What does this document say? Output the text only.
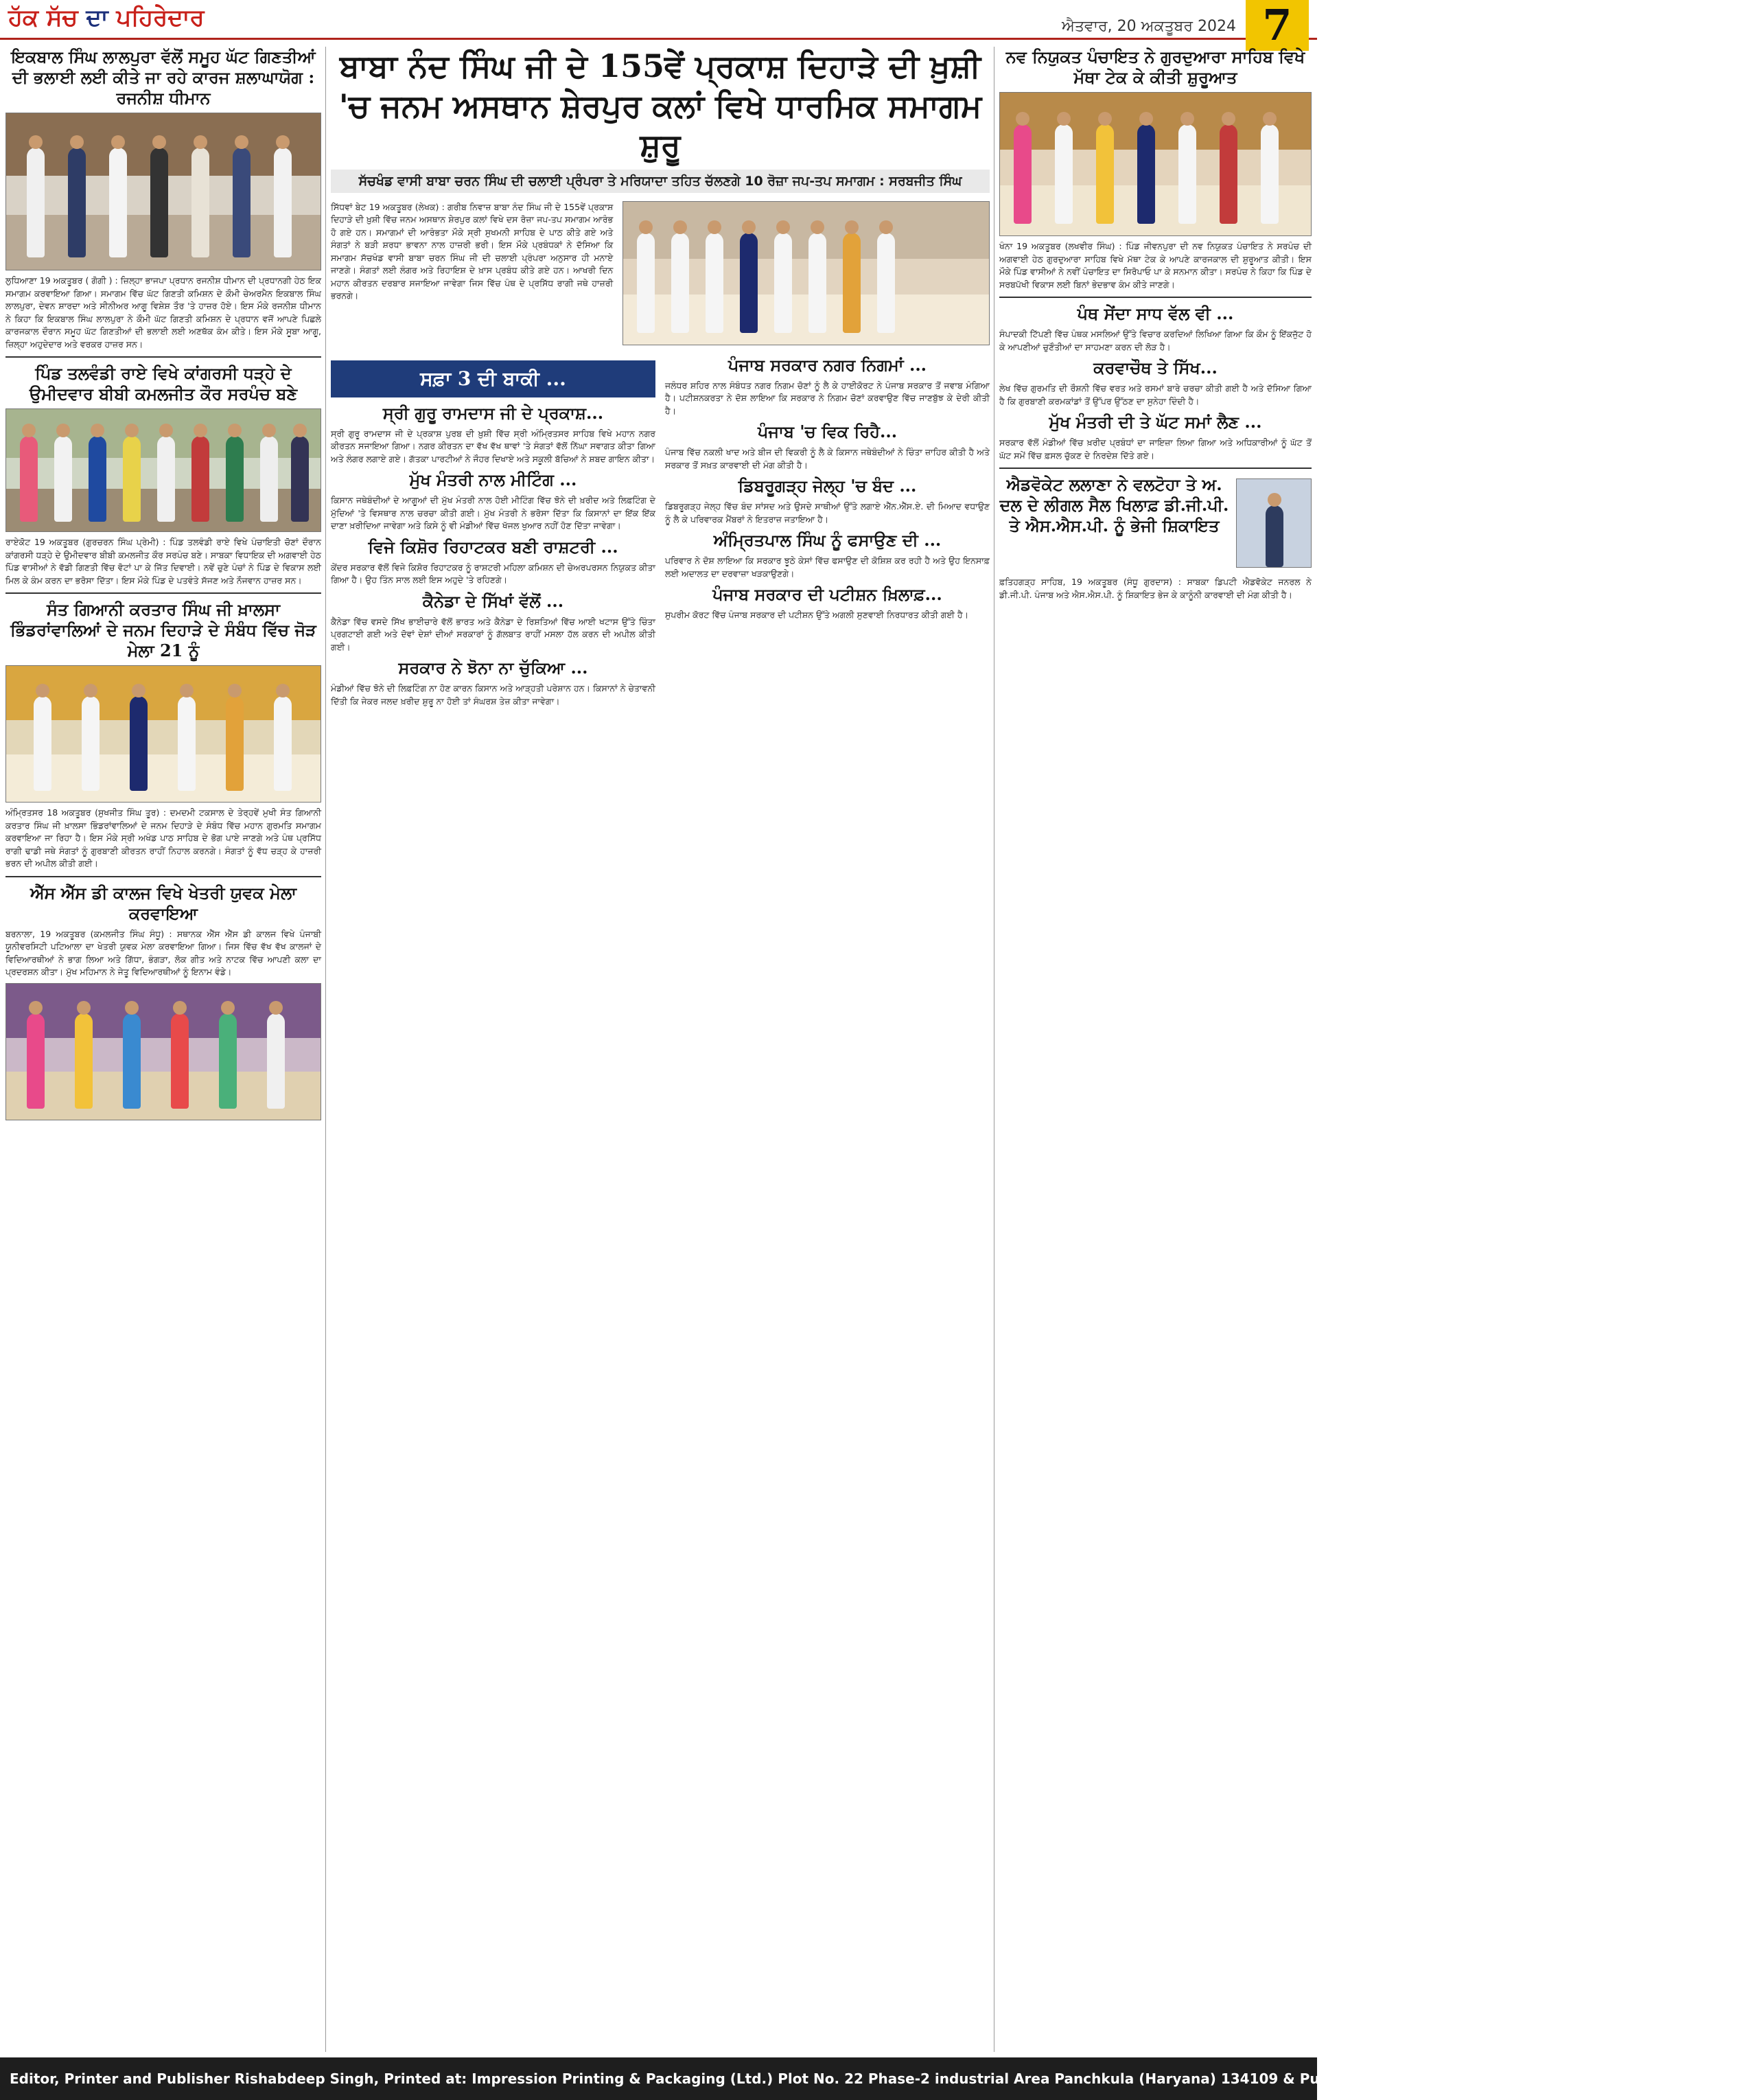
ਹੱਕ ਸੱਚ ਦਾ ਪਹਿਰੇਦਾਰ	ਐਤਵਾਰ, 20 ਅਕਤੂਬਰ 2024 7
ਇਕਬਾਲ ਸਿੰਘ ਲਾਲਪੁਰਾ ਵੱਲੋਂ ਸਮੂਹ ਘੱਟ ਗਿਣਤੀਆਂ ਦੀ ਭਲਾਈ ਲਈ ਕੀਤੇ ਜਾ ਰਹੇ ਕਾਰਜ ਸ਼ਲਾਘਾਯੋਗ : ਰਜਨੀਸ਼ ਧੀਮਾਨ
ਲੁਧਿਆਣਾ 19 ਅਕਤੂਬਰ ( ਗੋਗੀ ) : ਜ਼ਿਲ੍ਹਾ ਭਾਜਪਾ ਪ੍ਰਧਾਨ ਰਜਨੀਸ਼ ਧੀਮਾਨ ਦੀ ਪ੍ਰਧਾਨਗੀ ਹੇਠ ਇਕ ਸਮਾਗਮ ਕਰਵਾਇਆ ਗਿਆ। ਸਮਾਗਮ ਵਿੱਚ ਘੱਟ ਗਿਣਤੀ ਕਮਿਸ਼ਨ ਦੇ ਕੌਮੀ ਚੇਅਰਮੈਨ ਇਕਬਾਲ ਸਿੰਘ ਲਾਲਪੁਰਾ, ਦੇਵਨ ਸ਼ਾਰਦਾ ਅਤੇ ਸੀਨੀਅਰ ਆਗੂ ਵਿਸ਼ੇਸ਼ ਤੌਰ 'ਤੇ ਹਾਜ਼ਰ ਹੋਏ। ਇਸ ਮੌਕੇ ਰਜਨੀਸ਼ ਧੀਮਾਨ ਨੇ ਕਿਹਾ ਕਿ ਇਕਬਾਲ ਸਿੰਘ ਲਾਲਪੁਰਾ ਨੇ ਕੌਮੀ ਘੱਟ ਗਿਣਤੀ ਕਮਿਸ਼ਨ ਦੇ ਪ੍ਰਧਾਨ ਵਜੋਂ ਆਪਣੇ ਪਿਛਲੇ ਕਾਰਜਕਾਲ ਦੌਰਾਨ ਸਮੂਹ ਘੱਟ ਗਿਣਤੀਆਂ ਦੀ ਭਲਾਈ ਲਈ ਅਣਥੱਕ ਕੰਮ ਕੀਤੇ। ਇਸ ਮੌਕੇ ਸੂਬਾ ਆਗੂ, ਜ਼ਿਲ੍ਹਾ ਅਹੁਦੇਦਾਰ ਅਤੇ ਵਰਕਰ ਹਾਜ਼ਰ ਸਨ।
ਪਿੰਡ ਤਲਵੰਡੀ ਰਾਏ ਵਿਖੇ ਕਾਂਗਰਸੀ ਧੜ੍ਹੇ ਦੇ ਉਮੀਦਵਾਰ ਬੀਬੀ ਕਮਲਜੀਤ ਕੌਰ ਸਰਪੰਚ ਬਣੇ
ਰਾਏਕੋਟ 19 ਅਕਤੂਬਰ (ਗੁਰਚਰਨ ਸਿੰਘ ਪ੍ਰੇਮੀ) : ਪਿੰਡ ਤਲਵੰਡੀ ਰਾਏ ਵਿਖੇ ਪੰਚਾਇਤੀ ਚੋਣਾਂ ਦੌਰਾਨ ਕਾਂਗਰਸੀ ਧੜ੍ਹੇ ਦੇ ਉਮੀਦਵਾਰ ਬੀਬੀ ਕਮਲਜੀਤ ਕੌਰ ਸਰਪੰਚ ਬਣੇ। ਸਾਬਕਾ ਵਿਧਾਇਕ ਦੀ ਅਗਵਾਈ ਹੇਠ ਪਿੰਡ ਵਾਸੀਆਂ ਨੇ ਵੱਡੀ ਗਿਣਤੀ ਵਿੱਚ ਵੋਟਾਂ ਪਾ ਕੇ ਜਿੱਤ ਦਿਵਾਈ। ਨਵੇਂ ਚੁਣੇ ਪੰਚਾਂ ਨੇ ਪਿੰਡ ਦੇ ਵਿਕਾਸ ਲਈ ਮਿਲ ਕੇ ਕੰਮ ਕਰਨ ਦਾ ਭਰੋਸਾ ਦਿੱਤਾ। ਇਸ ਮੌਕੇ ਪਿੰਡ ਦੇ ਪਤਵੰਤੇ ਸੱਜਣ ਅਤੇ ਨੌਜਵਾਨ ਹਾਜ਼ਰ ਸਨ।
ਸੰਤ ਗਿਆਨੀ ਕਰਤਾਰ ਸਿੰਘ ਜੀ ਖ਼ਾਲਸਾ ਭਿੰਡਰਾਂਵਾਲਿਆਂ ਦੇ ਜਨਮ ਦਿਹਾੜੇ ਦੇ ਸੰਬੰਧ ਵਿੱਚ ਜੋੜ ਮੇਲਾ 21 ਨੂੰ
ਅੰਮ੍ਰਿਤਸਰ 18 ਅਕਤੂਬਰ (ਸੁਖਜੀਤ ਸਿੰਘ ਤੂਰ) : ਦਮਦਮੀ ਟਕਸਾਲ ਦੇ ਤੇਰ੍ਹਵੇਂ ਮੁਖੀ ਸੰਤ ਗਿਆਨੀ ਕਰਤਾਰ ਸਿੰਘ ਜੀ ਖ਼ਾਲਸਾ ਭਿੰਡਰਾਂਵਾਲਿਆਂ ਦੇ ਜਨਮ ਦਿਹਾੜੇ ਦੇ ਸੰਬੰਧ ਵਿੱਚ ਮਹਾਨ ਗੁਰਮਤਿ ਸਮਾਗਮ ਕਰਵਾਇਆ ਜਾ ਰਿਹਾ ਹੈ। ਇਸ ਮੌਕੇ ਸ੍ਰੀ ਅਖੰਡ ਪਾਠ ਸਾਹਿਬ ਦੇ ਭੋਗ ਪਾਏ ਜਾਣਗੇ ਅਤੇ ਪੰਥ ਪ੍ਰਸਿੱਧ ਰਾਗੀ ਢਾਡੀ ਜਥੇ ਸੰਗਤਾਂ ਨੂੰ ਗੁਰਬਾਣੀ ਕੀਰਤਨ ਰਾਹੀਂ ਨਿਹਾਲ ਕਰਨਗੇ। ਸੰਗਤਾਂ ਨੂੰ ਵੱਧ ਚੜ੍ਹ ਕੇ ਹਾਜ਼ਰੀ ਭਰਨ ਦੀ ਅਪੀਲ ਕੀਤੀ ਗਈ।
ਐੱਸ ਐੱਸ ਡੀ ਕਾਲਜ ਵਿਖੇ ਖੇਤਰੀ ਯੁਵਕ ਮੇਲਾ ਕਰਵਾਇਆ
ਬਰਨਾਲਾ, 19 ਅਕਤੂਬਰ (ਕਮਲਜੀਤ ਸਿੰਘ ਸੰਧੂ) : ਸਥਾਨਕ ਐੱਸ ਐੱਸ ਡੀ ਕਾਲਜ ਵਿਖੇ ਪੰਜਾਬੀ ਯੂਨੀਵਰਸਿਟੀ ਪਟਿਆਲਾ ਦਾ ਖੇਤਰੀ ਯੁਵਕ ਮੇਲਾ ਕਰਵਾਇਆ ਗਿਆ। ਜਿਸ ਵਿੱਚ ਵੱਖ ਵੱਖ ਕਾਲਜਾਂ ਦੇ ਵਿਦਿਆਰਥੀਆਂ ਨੇ ਭਾਗ ਲਿਆ ਅਤੇ ਗਿੱਧਾ, ਭੰਗੜਾ, ਲੋਕ ਗੀਤ ਅਤੇ ਨਾਟਕ ਵਿੱਚ ਆਪਣੀ ਕਲਾ ਦਾ ਪ੍ਰਦਰਸ਼ਨ ਕੀਤਾ। ਮੁੱਖ ਮਹਿਮਾਨ ਨੇ ਜੇਤੂ ਵਿਦਿਆਰਥੀਆਂ ਨੂੰ ਇਨਾਮ ਵੰਡੇ।
ਬਾਬਾ ਨੰਦ ਸਿੰਘ ਜੀ ਦੇ 155ਵੇਂ ਪ੍ਰਕਾਸ਼ ਦਿਹਾੜੇ ਦੀ ਖ਼ੁਸ਼ੀ 'ਚ ਜਨਮ ਅਸਥਾਨ ਸ਼ੇਰਪੁਰ ਕਲਾਂ ਵਿਖੇ ਧਾਰਮਿਕ ਸਮਾਗਮ ਸ਼ੁਰੂ
ਸੱਚਖੰਡ ਵਾਸੀ ਬਾਬਾ ਚਰਨ ਸਿੰਘ ਦੀ ਚਲਾਈ ਪ੍ਰੰਪਰਾ ਤੇ ਮਰਿਯਾਦਾ ਤਹਿਤ ਚੱਲਣਗੇ 10 ਰੋਜ਼ਾ ਜਪ-ਤਪ ਸਮਾਗਮ : ਸਰਬਜੀਤ ਸਿੰਘ
ਸਿੱਧਵਾਂ ਬੇਟ 19 ਅਕਤੂਬਰ (ਲੇਖਕ) : ਗਰੀਬ ਨਿਵਾਜ਼ ਬਾਬਾ ਨੰਦ ਸਿੰਘ ਜੀ ਦੇ 155ਵੇਂ ਪ੍ਰਕਾਸ਼ ਦਿਹਾੜੇ ਦੀ ਖ਼ੁਸ਼ੀ ਵਿੱਚ ਜਨਮ ਅਸਥਾਨ ਸ਼ੇਰਪੁਰ ਕਲਾਂ ਵਿਖੇ ਦਸ ਰੋਜ਼ਾ ਜਪ-ਤਪ ਸਮਾਗਮ ਆਰੰਭ ਹੋ ਗਏ ਹਨ। ਸਮਾਗਮਾਂ ਦੀ ਆਰੰਭਤਾ ਮੌਕੇ ਸ੍ਰੀ ਸੁਖਮਨੀ ਸਾਹਿਬ ਦੇ ਪਾਠ ਕੀਤੇ ਗਏ ਅਤੇ ਸੰਗਤਾਂ ਨੇ ਬੜੀ ਸ਼ਰਧਾ ਭਾਵਨਾ ਨਾਲ ਹਾਜ਼ਰੀ ਭਰੀ। ਇਸ ਮੌਕੇ ਪ੍ਰਬੰਧਕਾਂ ਨੇ ਦੱਸਿਆ ਕਿ ਸਮਾਗਮ ਸੱਚਖੰਡ ਵਾਸੀ ਬਾਬਾ ਚਰਨ ਸਿੰਘ ਜੀ ਦੀ ਚਲਾਈ ਪ੍ਰੰਪਰਾ ਅਨੁਸਾਰ ਹੀ ਮਨਾਏ ਜਾਣਗੇ। ਸੰਗਤਾਂ ਲਈ ਲੰਗਰ ਅਤੇ ਰਿਹਾਇਸ਼ ਦੇ ਖ਼ਾਸ ਪ੍ਰਬੰਧ ਕੀਤੇ ਗਏ ਹਨ। ਆਖਰੀ ਦਿਨ ਮਹਾਨ ਕੀਰਤਨ ਦਰਬਾਰ ਸਜਾਇਆ ਜਾਵੇਗਾ ਜਿਸ ਵਿੱਚ ਪੰਥ ਦੇ ਪ੍ਰਸਿੱਧ ਰਾਗੀ ਜਥੇ ਹਾਜ਼ਰੀ ਭਰਨਗੇ।
ਸਫ਼ਾ 3 ਦੀ ਬਾਕੀ ...
ਸ੍ਰੀ ਗੁਰੂ ਰਾਮਦਾਸ ਜੀ ਦੇ ਪ੍ਰਕਾਸ਼...
ਸ੍ਰੀ ਗੁਰੂ ਰਾਮਦਾਸ ਜੀ ਦੇ ਪ੍ਰਕਾਸ਼ ਪੁਰਬ ਦੀ ਖ਼ੁਸ਼ੀ ਵਿੱਚ ਸ੍ਰੀ ਅੰਮ੍ਰਿਤਸਰ ਸਾਹਿਬ ਵਿਖੇ ਮਹਾਨ ਨਗਰ ਕੀਰਤਨ ਸਜਾਇਆ ਗਿਆ। ਨਗਰ ਕੀਰਤਨ ਦਾ ਵੱਖ ਵੱਖ ਥਾਵਾਂ 'ਤੇ ਸੰਗਤਾਂ ਵੱਲੋਂ ਨਿੱਘਾ ਸਵਾਗਤ ਕੀਤਾ ਗਿਆ ਅਤੇ ਲੰਗਰ ਲਗਾਏ ਗਏ। ਗੱਤਕਾ ਪਾਰਟੀਆਂ ਨੇ ਜੌਹਰ ਦਿਖਾਏ ਅਤੇ ਸਕੂਲੀ ਬੱਚਿਆਂ ਨੇ ਸ਼ਬਦ ਗਾਇਨ ਕੀਤਾ।
ਮੁੱਖ ਮੰਤਰੀ ਨਾਲ ਮੀਟਿੰਗ ...
ਕਿਸਾਨ ਜਥੇਬੰਦੀਆਂ ਦੇ ਆਗੂਆਂ ਦੀ ਮੁੱਖ ਮੰਤਰੀ ਨਾਲ ਹੋਈ ਮੀਟਿੰਗ ਵਿੱਚ ਝੋਨੇ ਦੀ ਖ਼ਰੀਦ ਅਤੇ ਲਿਫ਼ਟਿੰਗ ਦੇ ਮੁੱਦਿਆਂ 'ਤੇ ਵਿਸਥਾਰ ਨਾਲ ਚਰਚਾ ਕੀਤੀ ਗਈ। ਮੁੱਖ ਮੰਤਰੀ ਨੇ ਭਰੋਸਾ ਦਿੱਤਾ ਕਿ ਕਿਸਾਨਾਂ ਦਾ ਇੱਕ ਇੱਕ ਦਾਣਾ ਖ਼ਰੀਦਿਆ ਜਾਵੇਗਾ ਅਤੇ ਕਿਸੇ ਨੂੰ ਵੀ ਮੰਡੀਆਂ ਵਿੱਚ ਖੱਜਲ ਖੁਆਰ ਨਹੀਂ ਹੋਣ ਦਿੱਤਾ ਜਾਵੇਗਾ।
ਵਿਜੇ ਕਿਸ਼ੋਰ ਰਿਹਾਟਕਰ ਬਣੀ ਰਾਸ਼ਟਰੀ ...
ਕੇਂਦਰ ਸਰਕਾਰ ਵੱਲੋਂ ਵਿਜੇ ਕਿਸ਼ੋਰ ਰਿਹਾਟਕਰ ਨੂੰ ਰਾਸ਼ਟਰੀ ਮਹਿਲਾ ਕਮਿਸ਼ਨ ਦੀ ਚੇਅਰਪਰਸਨ ਨਿਯੁਕਤ ਕੀਤਾ ਗਿਆ ਹੈ। ਉਹ ਤਿੰਨ ਸਾਲ ਲਈ ਇਸ ਅਹੁਦੇ 'ਤੇ ਰਹਿਣਗੇ।
ਕੈਨੇਡਾ ਦੇ ਸਿੱਖਾਂ ਵੱਲੋਂ ...
ਕੈਨੇਡਾ ਵਿੱਚ ਵਸਦੇ ਸਿੱਖ ਭਾਈਚਾਰੇ ਵੱਲੋਂ ਭਾਰਤ ਅਤੇ ਕੈਨੇਡਾ ਦੇ ਰਿਸ਼ਤਿਆਂ ਵਿੱਚ ਆਈ ਖਟਾਸ ਉੱਤੇ ਚਿੰਤਾ ਪ੍ਰਗਟਾਈ ਗਈ ਅਤੇ ਦੋਵਾਂ ਦੇਸ਼ਾਂ ਦੀਆਂ ਸਰਕਾਰਾਂ ਨੂੰ ਗੱਲਬਾਤ ਰਾਹੀਂ ਮਸਲਾ ਹੱਲ ਕਰਨ ਦੀ ਅਪੀਲ ਕੀਤੀ ਗਈ।
ਸਰਕਾਰ ਨੇ ਝੋਨਾ ਨਾ ਚੁੱਕਿਆ ...
ਮੰਡੀਆਂ ਵਿੱਚ ਝੋਨੇ ਦੀ ਲਿਫ਼ਟਿੰਗ ਨਾ ਹੋਣ ਕਾਰਨ ਕਿਸਾਨ ਅਤੇ ਆੜ੍ਹਤੀ ਪਰੇਸ਼ਾਨ ਹਨ। ਕਿਸਾਨਾਂ ਨੇ ਚੇਤਾਵਨੀ ਦਿੱਤੀ ਕਿ ਜੇਕਰ ਜਲਦ ਖ਼ਰੀਦ ਸ਼ੁਰੂ ਨਾ ਹੋਈ ਤਾਂ ਸੰਘਰਸ਼ ਤੇਜ਼ ਕੀਤਾ ਜਾਵੇਗਾ।
ਪੰਜਾਬ ਸਰਕਾਰ ਨਗਰ ਨਿਗਮਾਂ ...
ਜਲੰਧਰ ਸ਼ਹਿਰ ਨਾਲ ਸੰਬੰਧਤ ਨਗਰ ਨਿਗਮ ਚੋਣਾਂ ਨੂੰ ਲੈ ਕੇ ਹਾਈਕੋਰਟ ਨੇ ਪੰਜਾਬ ਸਰਕਾਰ ਤੋਂ ਜਵਾਬ ਮੰਗਿਆ ਹੈ। ਪਟੀਸ਼ਨਕਰਤਾ ਨੇ ਦੋਸ਼ ਲਾਇਆ ਕਿ ਸਰਕਾਰ ਨੇ ਨਿਗਮ ਚੋਣਾਂ ਕਰਵਾਉਣ ਵਿੱਚ ਜਾਣਬੁੱਝ ਕੇ ਦੇਰੀ ਕੀਤੀ ਹੈ।
ਪੰਜਾਬ 'ਚ ਵਿਕ ਰਿਹੈ...
ਪੰਜਾਬ ਵਿੱਚ ਨਕਲੀ ਖਾਦ ਅਤੇ ਬੀਜ ਦੀ ਵਿਕਰੀ ਨੂੰ ਲੈ ਕੇ ਕਿਸਾਨ ਜਥੇਬੰਦੀਆਂ ਨੇ ਚਿੰਤਾ ਜ਼ਾਹਿਰ ਕੀਤੀ ਹੈ ਅਤੇ ਸਰਕਾਰ ਤੋਂ ਸਖ਼ਤ ਕਾਰਵਾਈ ਦੀ ਮੰਗ ਕੀਤੀ ਹੈ।
ਡਿਬਰੂਗੜ੍ਹ ਜੇਲ੍ਹ 'ਚ ਬੰਦ ...
ਡਿਬਰੂਗੜ੍ਹ ਜੇਲ੍ਹ ਵਿੱਚ ਬੰਦ ਸਾਂਸਦ ਅਤੇ ਉਸਦੇ ਸਾਥੀਆਂ ਉੱਤੇ ਲਗਾਏ ਐੱਨ.ਐੱਸ.ਏ. ਦੀ ਮਿਆਦ ਵਧਾਉਣ ਨੂੰ ਲੈ ਕੇ ਪਰਿਵਾਰਕ ਮੈਂਬਰਾਂ ਨੇ ਇਤਰਾਜ਼ ਜਤਾਇਆ ਹੈ।
ਅੰਮ੍ਰਿਤਪਾਲ ਸਿੰਘ ਨੂੰ ਫਸਾਉਣ ਦੀ ...
ਪਰਿਵਾਰ ਨੇ ਦੋਸ਼ ਲਾਇਆ ਕਿ ਸਰਕਾਰ ਝੂਠੇ ਕੇਸਾਂ ਵਿੱਚ ਫਸਾਉਣ ਦੀ ਕੋਸ਼ਿਸ਼ ਕਰ ਰਹੀ ਹੈ ਅਤੇ ਉਹ ਇਨਸਾਫ਼ ਲਈ ਅਦਾਲਤ ਦਾ ਦਰਵਾਜ਼ਾ ਖੜਕਾਉਣਗੇ।
ਪੰਜਾਬ ਸਰਕਾਰ ਦੀ ਪਟੀਸ਼ਨ ਖ਼ਿਲਾਫ਼...
ਸੁਪਰੀਮ ਕੋਰਟ ਵਿੱਚ ਪੰਜਾਬ ਸਰਕਾਰ ਦੀ ਪਟੀਸ਼ਨ ਉੱਤੇ ਅਗਲੀ ਸੁਣਵਾਈ ਨਿਰਧਾਰਤ ਕੀਤੀ ਗਈ ਹੈ।
ਨਵ ਨਿਯੁਕਤ ਪੰਚਾਇਤ ਨੇ ਗੁਰਦੁਆਰਾ ਸਾਹਿਬ ਵਿਖੇ ਮੱਥਾ ਟੇਕ ਕੇ ਕੀਤੀ ਸ਼ੁਰੂਆਤ
ਖੰਨਾ 19 ਅਕਤੂਬਰ (ਲਖਵੀਰ ਸਿੰਘ) : ਪਿੰਡ ਜੀਵਨਪੁਰਾ ਦੀ ਨਵ ਨਿਯੁਕਤ ਪੰਚਾਇਤ ਨੇ ਸਰਪੰਚ ਦੀ ਅਗਵਾਈ ਹੇਠ ਗੁਰਦੁਆਰਾ ਸਾਹਿਬ ਵਿਖੇ ਮੱਥਾ ਟੇਕ ਕੇ ਆਪਣੇ ਕਾਰਜਕਾਲ ਦੀ ਸ਼ੁਰੂਆਤ ਕੀਤੀ। ਇਸ ਮੌਕੇ ਪਿੰਡ ਵਾਸੀਆਂ ਨੇ ਨਵੀਂ ਪੰਚਾਇਤ ਦਾ ਸਿਰੋਪਾਓ ਪਾ ਕੇ ਸਨਮਾਨ ਕੀਤਾ। ਸਰਪੰਚ ਨੇ ਕਿਹਾ ਕਿ ਪਿੰਡ ਦੇ ਸਰਬਪੱਖੀ ਵਿਕਾਸ ਲਈ ਬਿਨਾਂ ਭੇਦਭਾਵ ਕੰਮ ਕੀਤੇ ਜਾਣਗੇ।
ਪੰਥ ਸੇਂਦਾ ਸਾਧ ਵੱਲ ਵੀ ...
ਸੰਪਾਦਕੀ ਟਿੱਪਣੀ ਵਿੱਚ ਪੰਥਕ ਮਸਲਿਆਂ ਉੱਤੇ ਵਿਚਾਰ ਕਰਦਿਆਂ ਲਿਖਿਆ ਗਿਆ ਕਿ ਕੌਮ ਨੂੰ ਇੱਕਜੁੱਟ ਹੋ ਕੇ ਆਪਣੀਆਂ ਚੁਣੌਤੀਆਂ ਦਾ ਸਾਹਮਣਾ ਕਰਨ ਦੀ ਲੋੜ ਹੈ।
ਕਰਵਾਚੌਥ ਤੇ ਸਿੱਖ...
ਲੇਖ ਵਿੱਚ ਗੁਰਮਤਿ ਦੀ ਰੌਸ਼ਨੀ ਵਿੱਚ ਵਰਤ ਅਤੇ ਰਸਮਾਂ ਬਾਰੇ ਚਰਚਾ ਕੀਤੀ ਗਈ ਹੈ ਅਤੇ ਦੱਸਿਆ ਗਿਆ ਹੈ ਕਿ ਗੁਰਬਾਣੀ ਕਰਮਕਾਂਡਾਂ ਤੋਂ ਉੱਪਰ ਉੱਠਣ ਦਾ ਸੁਨੇਹਾ ਦਿੰਦੀ ਹੈ।
ਮੁੱਖ ਮੰਤਰੀ ਦੀ ਤੇ ਘੱਟ ਸਮਾਂ ਲੈਣ ...
ਸਰਕਾਰ ਵੱਲੋਂ ਮੰਡੀਆਂ ਵਿੱਚ ਖ਼ਰੀਦ ਪ੍ਰਬੰਧਾਂ ਦਾ ਜਾਇਜ਼ਾ ਲਿਆ ਗਿਆ ਅਤੇ ਅਧਿਕਾਰੀਆਂ ਨੂੰ ਘੱਟ ਤੋਂ ਘੱਟ ਸਮੇਂ ਵਿੱਚ ਫ਼ਸਲ ਚੁੱਕਣ ਦੇ ਨਿਰਦੇਸ਼ ਦਿੱਤੇ ਗਏ।
ਐਡਵੋਕੇਟ ਲਲਾਣਾ ਨੇ ਵਲਟੋਹਾ ਤੇ ਅ. ਦਲ ਦੇ ਲੀਗਲ ਸੈਲ ਖਿਲਾਫ਼ ਡੀ.ਜੀ.ਪੀ. ਤੇ ਐਸ.ਐਸ.ਪੀ. ਨੂੰ ਭੇਜੀ ਸ਼ਿਕਾਇਤ
ਫ਼ਤਿਹਗੜ੍ਹ ਸਾਹਿਬ, 19 ਅਕਤੂਬਰ (ਸੰਧੂ ਗੁਰਦਾਸ) : ਸਾਬਕਾ ਡਿਪਟੀ ਐਡਵੋਕੇਟ ਜਨਰਲ ਨੇ ਡੀ.ਜੀ.ਪੀ. ਪੰਜਾਬ ਅਤੇ ਐਸ.ਐਸ.ਪੀ. ਨੂੰ ਸ਼ਿਕਾਇਤ ਭੇਜ ਕੇ ਕਾਨੂੰਨੀ ਕਾਰਵਾਈ ਦੀ ਮੰਗ ਕੀਤੀ ਹੈ।
Editor, Printer and Publisher Rishabdeep Singh, Printed at: Impression Printing & Packaging (Ltd.) Plot No. 22 Phase-2 industrial Area Panchkula (Haryana) 134109 & Published From 3223, First Floor, Sector-35D, Chandigarh
